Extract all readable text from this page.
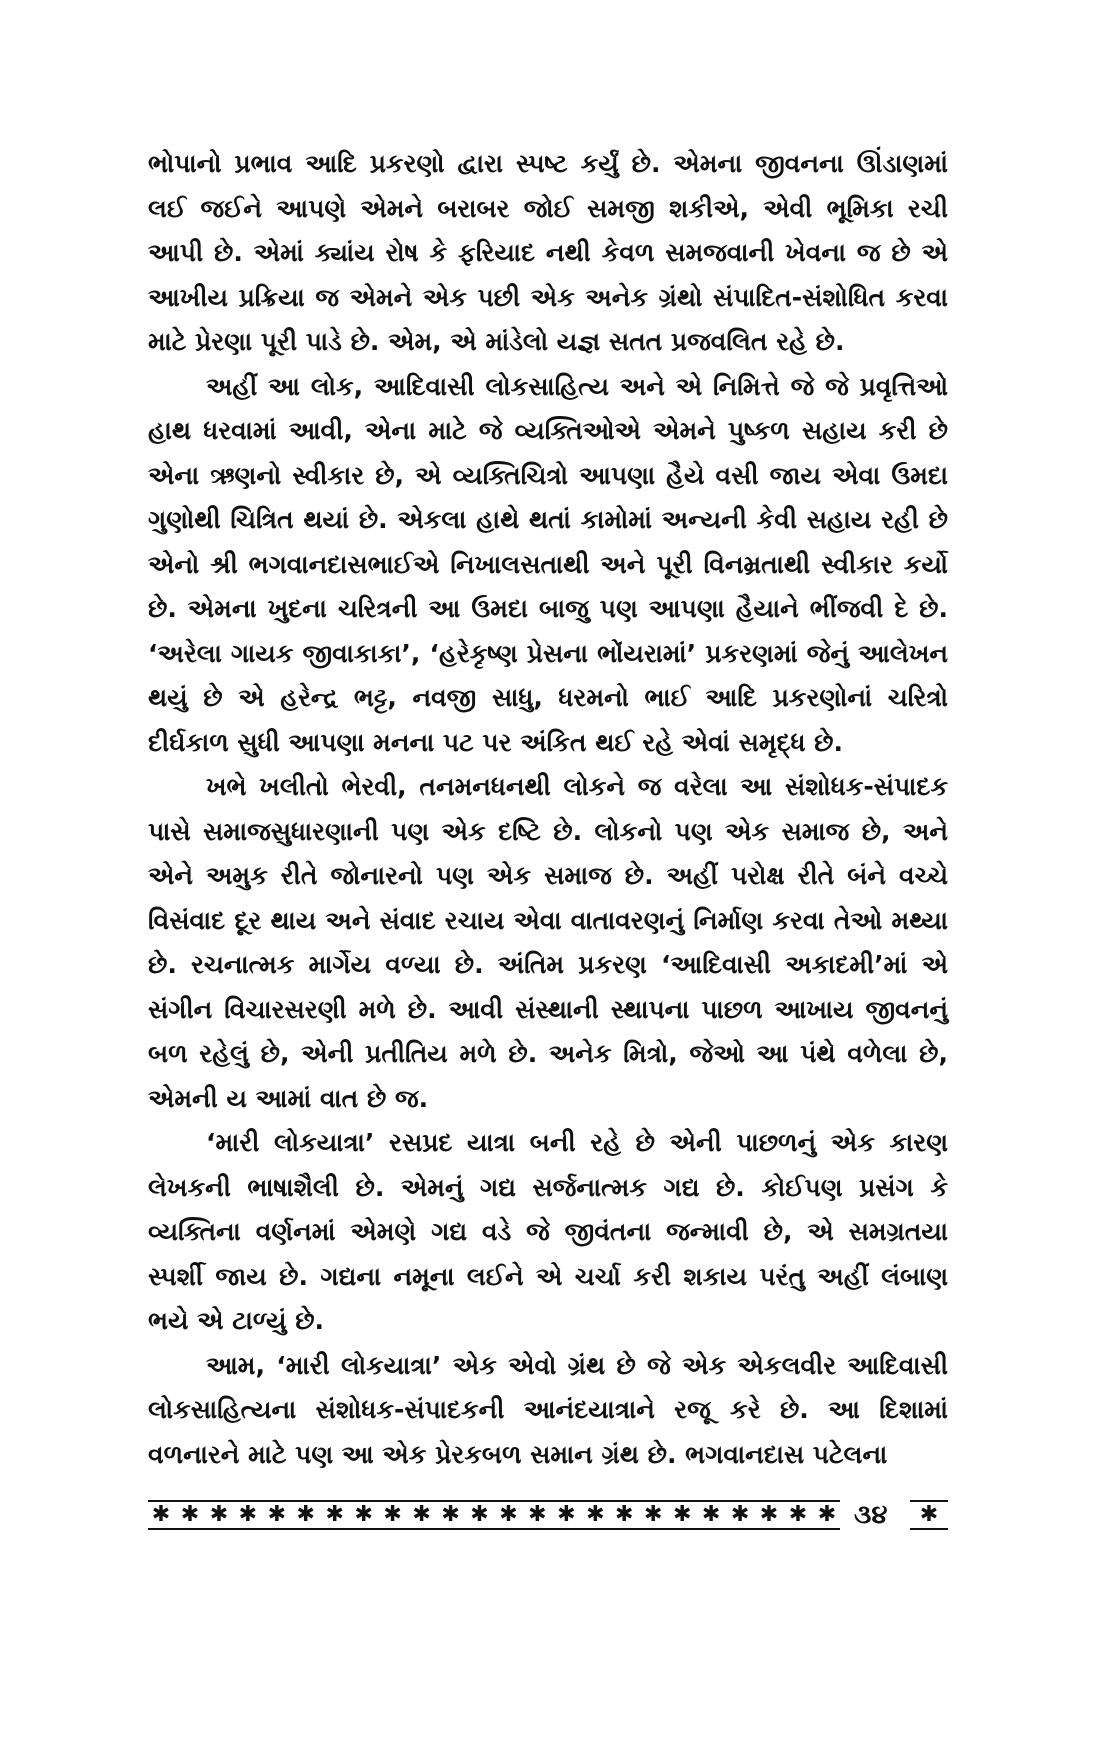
ભોપાનો પ્રભાવ આદિ પ્રકરણો દ્વારા સ્પષ્ટ કર્યું છે. એમના જીવનના ઊંડાણમાં લઈ જઈને આપણે એમને બરાબર જોઈ સમજી શકીએ, એવી ભૂમિકા રચી આપી છે. એમાં ક્યાંય રોષ કે ફરિયાદ નથી કેવળ સમજવાની ખેવના જ છે એ આખીય પ્રક્રિયા જ એમને એક પછી એક અનેક ગ્રંથો સંપાદિત-સંશોધિત કરવા માટે પ્રેરણા પૂરી પાડે છે. એમ, એ માંડેલો યજ્ઞ સતત પ્રજવલિત રહે છે.

અહીં આ લોક, આદિવાસી લોકસાહિત્ય અને એ નિમિત્તે જે જે પ્રવૃત્તિઓ હાથ ધરવામાં આવી, એના માટે જે વ્યક્તિઓએ એમને પુષ્કળ સહાય કરી છે એના ઋણનો સ્વીકાર છે, એ વ્યક્તિચિત્રો આપણા હૈયે વસી જાય એવા ઉમદા ગુણોથી ચિત્રિત થયાં છે. એકલા હાથે થતાં કામોમાં અન્યની કેવી સહાય રહી છે એનો શ્રી ભગવાનદાસભાઈએ નિખાલસતાથી અને પૂરી વિનમ્રતાથી સ્વીકાર કર્યો છે. એમના ખુદના ચરિત્રની આ ઉમદા બાજુ પણ આપણા હૈયાને ભીંજવી દે છે. ‘અરેલા ગાયક જીવાકાકા’, ‘હરેકૃષ્ણ પ્રેસના ભોંયરામાં’ પ્રકરણમાં જેનું આલેખન થયું છે એ હરેન્દ્ર ભટ્ટ, નવજી સાધુ, ધરમનો ભાઈ આદિ પ્રકરણોનાં ચરિત્રો દીર્ઘકાળ સુધી આપણા મનના પટ પર અંકિત થઈ રહે એવાં સમૃદ્ધ છે.

ખભે ખલીતો ભેરવી, તનમનધનથી લોકને જ વરેલા આ સંશોધક-સંપાદક પાસે સમાજસુધારણાની પણ એક દષ્ટિ છે. લોકનો પણ એક સમાજ છે, અને એને અમુક રીતે જોનારનો પણ એક સમાજ છે. અહીં પરોક્ષ રીતે બંને વચ્ચે વિસંવાદ દૂર થાય અને સંવાદ રચાય એવા વાતાવરણનું નિર્માણ કરવા તેઓ મથ્યા છે. રચનાત્મક માર્ગેય વળ્યા છે. અંતિમ પ્રકરણ ‘આદિવાસી અકાદમી’માં એ સંગીન વિચારસરણી મળે છે. આવી સંસ્થાની સ્થાપના પાછળ આખાય જીવનનું બળ રહેલું છે, એની પ્રતીતિય મળે છે. અનેક મિત્રો, જેઓ આ પંથે વળેલા છે, એમની ય આમાં વાત છે જ.

‘મારી લોકયાત્રા’ રસપ્રદ યાત્રા બની રહે છે એની પાછળનું એક કારણ લેખકની ભાષાશૈલી છે. એમનું ગદ્ય સર્જનાત્મક ગદ્ય છે. કોઈપણ પ્રસંગ કે વ્યક્તિના વર્ણનમાં એમણે ગદ્ય વડે જે જીવંતના જન્માવી છે, એ સમગ્રતયા સ્પર્શી જાય છે. ગદ્યના નમૂના લઈને એ ચર્ચા કરી શકાય પરંતુ અહીં લંબાણ ભયે એ ટાળ્યું છે.

આમ, ‘મારી લોકયાત્રા’ એક એવો ગ્રંથ છે જે એક એકલવીર આદિવાસી લોકસાહિત્યના સંશોધક-સંપાદકની આનંદયાત્રાને રજૂ કરે છે. આ દિશામાં વળનારને માટે પણ આ એક પ્રેરકબળ સમાન ગ્રંથ છે. ભગવાનદાસ પટેલના

✱ ✱ ✱ ✱ ✱ ✱ ✱ ✱ ✱ ✱ ✱ ✱ ✱ ✱ ✱ ✱ ✱ ✱ ✱ ✱ ✱ ✱ ✱ ✱ ૩૪	✱
